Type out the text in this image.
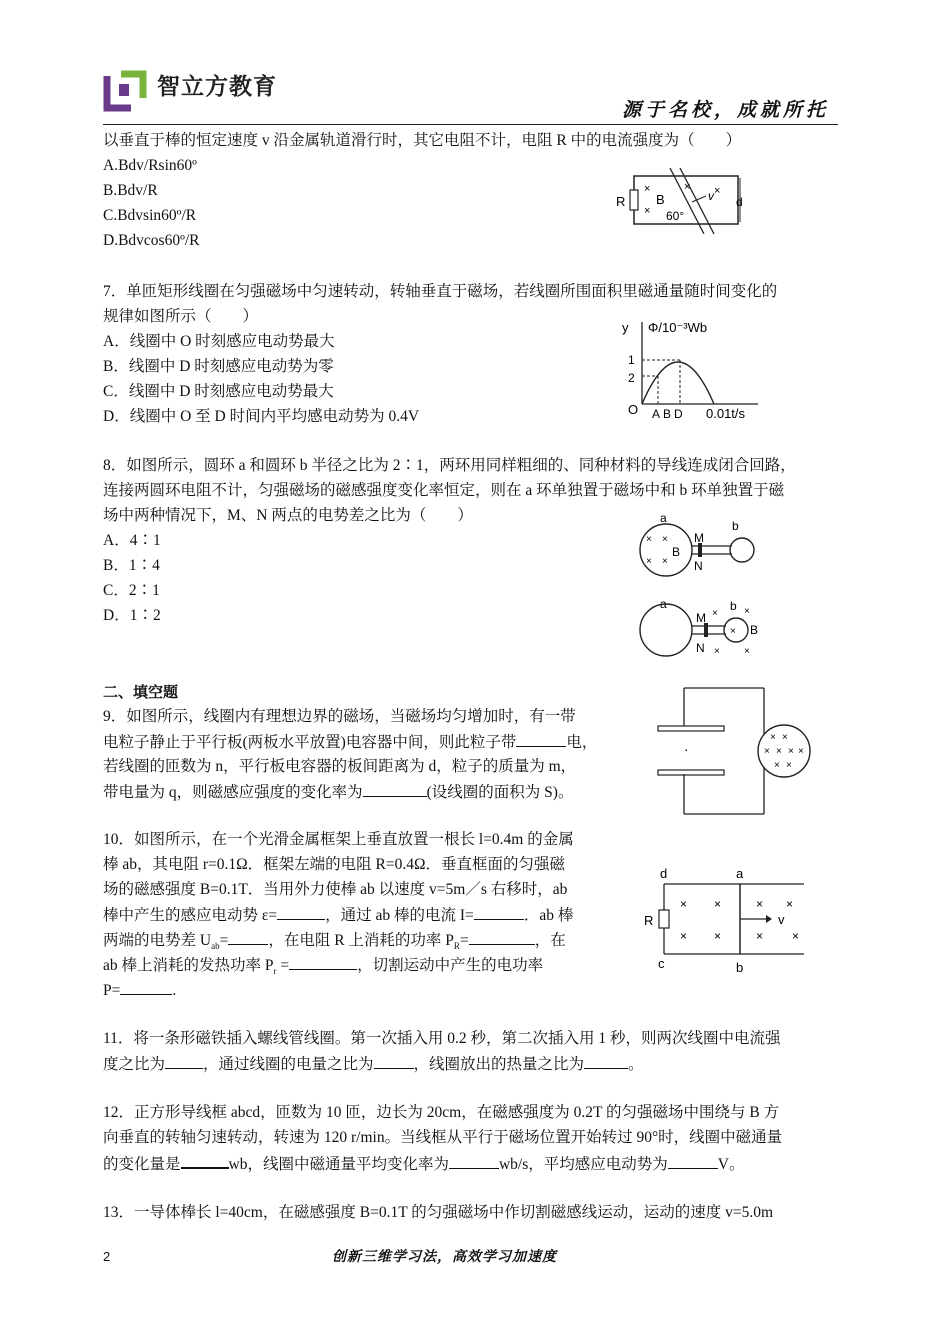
智立方教育
源于名校，成就所托
以垂直于棒的恒定速度 v 沿金属轨道滑行时，其它电阻不计，电阻 R 中的电流强度为（　　）
A.Bdv/Rsin60º
B.Bdv/R
C.Bdvsin60º/R
D.Bdvcos60º/R
R
×
×
B
×
v ×
60°
d
7．单匝矩形线圈在匀强磁场中匀速转动，转轴垂直于磁场，若线圈所围面积里磁通量随时间变化的
规律如图所示（　　）
A．线圈中 O 时刻感应电动势最大
B．线圈中 D 时刻感应电动势为零
C．线圈中 D 时刻感应电动势最大
D．线圈中 O 至 D 时间内平均感电动势为 0.4V
y Φ/10⁻³Wb
1
2
O ABD 0.01t/s
8．如图所示，圆环 a 和圆环 b 半径之比为 2∶1，两环用同样粗细的、同种材料的导线连成闭合回路，
连接两圆环电阻不计，匀强磁场的磁感强度变化率恒定，则在 a 环单独置于磁场中和 b 环单独置于磁
场中两种情况下，M、N 两点的电势差之比为（　　）
A．4∶1
B．1∶4
C．2∶1
D．1∶2
a
× ×
× ×
B
M
N
b
a
M
N
×
b ×
×
B
×
×
二、填空题
9．如图所示，线圈内有理想边界的磁场，当磁场均匀增加时，有一带
电粒子静止于平行板(两板水平放置)电容器中间，则此粒子带	电，
若线圈的匝数为 n，平行板电容器的板间距离为 d，粒子的质量为 m，
带电量为 q，则磁感应强度的变化率为	(设线圈的面积为 S)。
·
× ×
× × × ×
× ×
10．如图所示，在一个光滑金属框架上垂直放置一根长 l=0.4m 的金属
棒 ab，其电阻 r=0.1Ω．框架左端的电阻 R=0.4Ω．垂直框面的匀强磁
场的磁感强度 B=0.1T．当用外力使棒 ab 以速度 v=5m／s 右移时，ab
棒中产生的感应电动势 ε=	，通过 ab 棒的电流 I=	．ab 棒
两端的电势差 $U_{ab}=$	，在电阻 R 上消耗的功率 $P_R=$	，在
ab 棒上消耗的发热功率 $P_r$ =	，切割运动中产生的电功率
P=	.
d	a
R
× ×	× ×
× ×	× ×
v
c	b
11．将一条形磁铁插入螺线管线圈。第一次插入用 0.2 秒，第二次插入用 1 秒，则两次线圈中电流强
度之比为 ，通过线圈的电量之比为	，线圈放出的热量之比为	。
12．正方形导线框 abcd，匝数为 10 匝，边长为 20cm，在磁感强度为 0.2T 的匀强磁场中围绕与 B 方
向垂直的转轴匀速转动，转速为 120 r/min。当线框从平行于磁场位置开始转过 90°时，线圈中磁通量
的变化量是	wb，线圈中磁通量平均变化率为	wb/s，平均感应电动势为	V。
13．一导体棒长 l=40cm，在磁感强度 B=0.1T 的匀强磁场中作切割磁感线运动，运动的速度 v=5.0m
2	创新三维学习法，高效学习加速度
